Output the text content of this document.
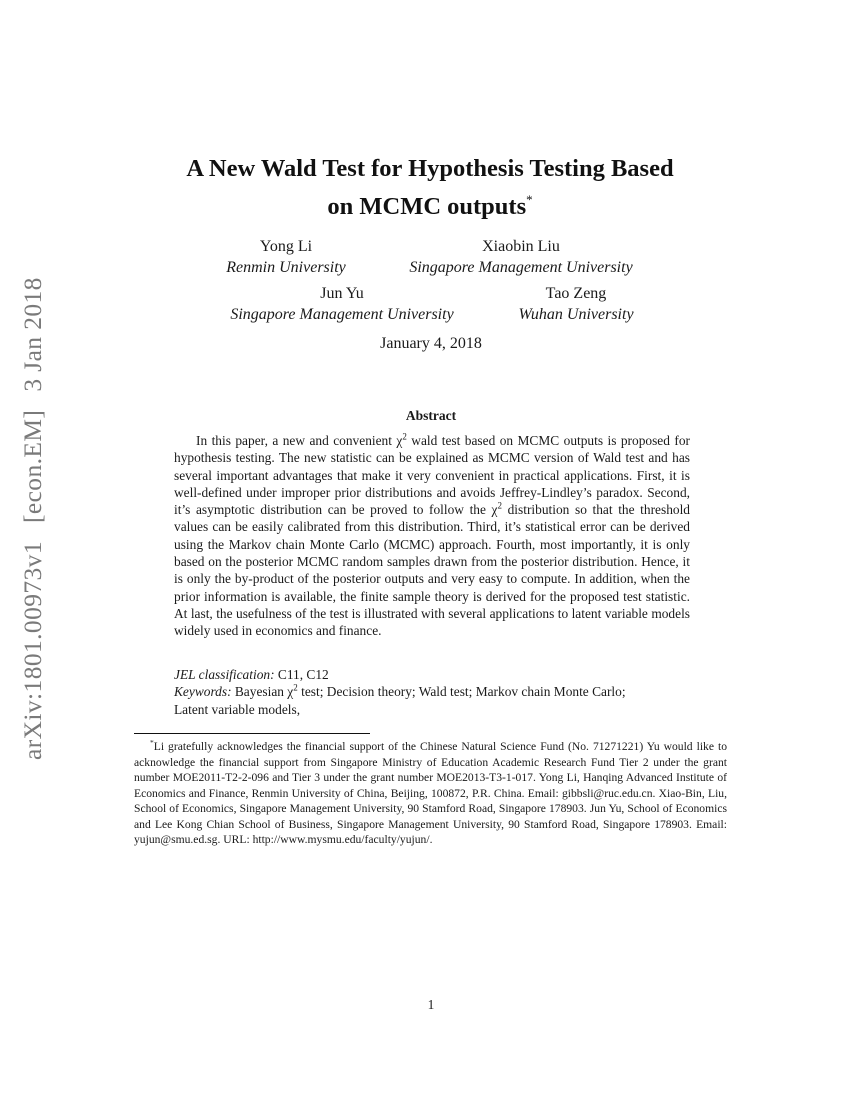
arXiv:1801.00973v1[econ.EM]3 Jan 2018
A New Wald Test for Hypothesis Testing Based
on MCMC outputs*
Yong Li
Renmin University
Xiaobin Liu
Singapore Management University
Jun Yu
Singapore Management University
Tao Zeng
Wuhan University
January 4, 2018
Abstract
In this paper, a new and convenient $\chi^2$ wald test based on MCMC outputs is proposed for hypothesis testing. The new statistic can be explained as MCMC version of Wald test and has several important advantages that make it very convenient in practical applications. First, it is well-defined under improper prior distributions and avoids Jeffrey-Lindley’s paradox. Second, it’s asymptotic distribution can be proved to follow the $\chi^2$ distribution so that the threshold values can be easily calibrated from this distribution. Third, it’s statistical error can be derived using the Markov chain Monte Carlo (MCMC) approach. Fourth, most importantly, it is only based on the posterior MCMC random samples drawn from the posterior distribution. Hence, it is only the by-product of the posterior outputs and very easy to compute. In addition, when the prior information is available, the finite sample theory is derived for the proposed test statistic. At last, the usefulness of the test is illustrated with several applications to latent variable models widely used in economics and finance.
JEL classification: C11, C12
Keywords: Bayesian $\chi^2$ test; Decision theory; Wald test; Markov chain Monte Carlo;
Latent variable models,
*Li gratefully acknowledges the financial support of the Chinese Natural Science Fund (No. 71271221) Yu would like to acknowledge the financial support from Singapore Ministry of Education Academic Research Fund Tier 2 under the grant number MOE2011-T2-2-096 and Tier 3 under the grant number MOE2013-T3-1-017. Yong Li, Hanqing Advanced Institute of Economics and Finance, Renmin University of China, Beijing, 100872, P.R. China. Email: gibbsli@ruc.edu.cn. Xiao-Bin, Liu, School of Economics, Singapore Management University, 90 Stamford Road, Singapore 178903. Jun Yu, School of Economics and Lee Kong Chian School of Business, Singapore Management University, 90 Stamford Road, Singapore 178903. Email: yujun@smu.ed.sg. URL: http://www.mysmu.edu/faculty/yujun/.
1
